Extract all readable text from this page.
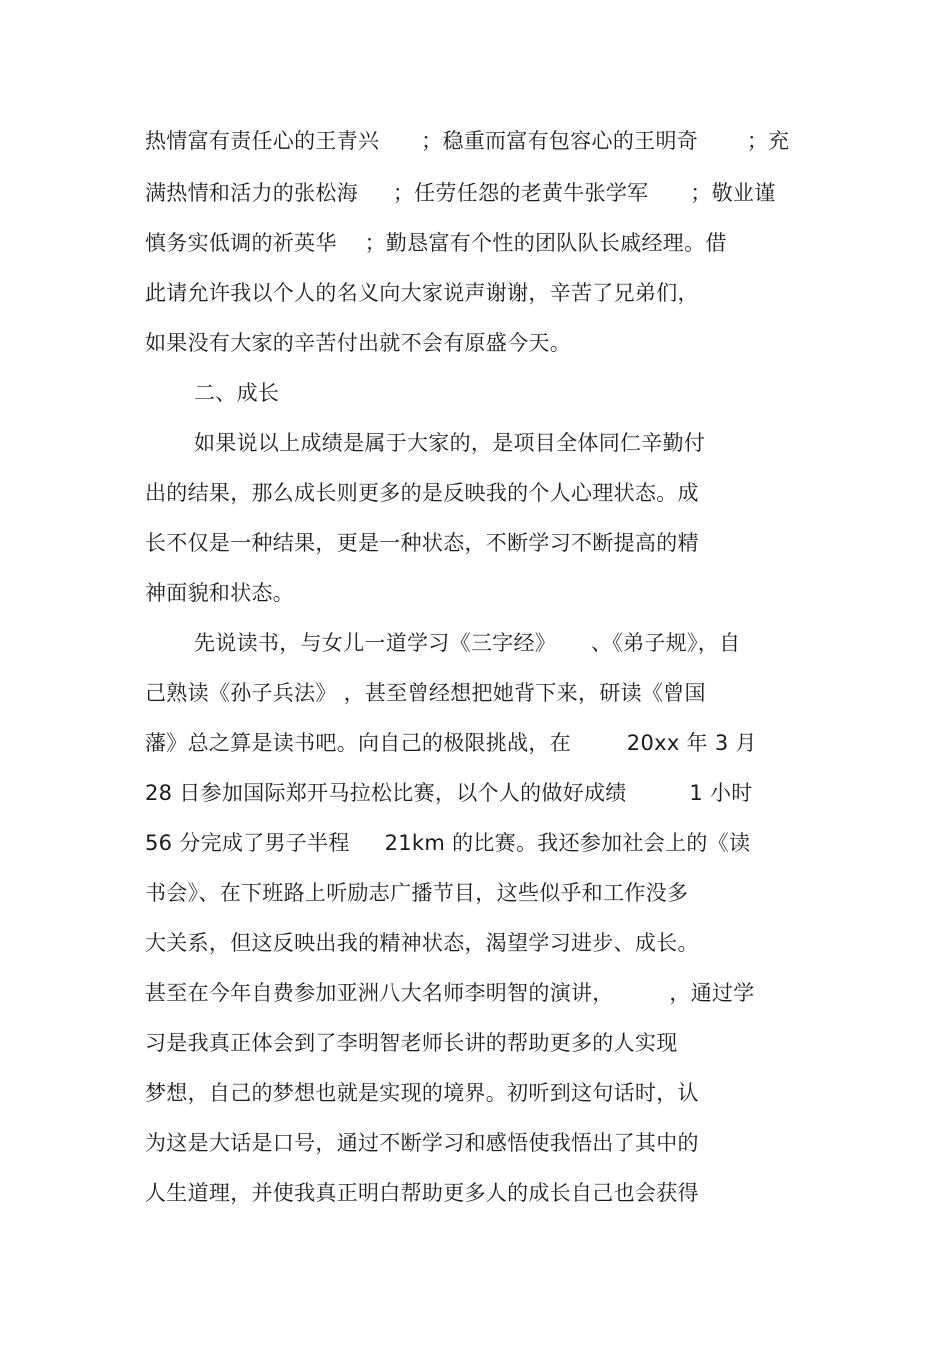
热情富有责任心的王青兴      ；稳重而富有包容心的王明奇       ；充
满热情和活力的张松海     ；任劳任怨的老黄牛张学军      ；敬业谨
慎务实低调的祈英华    ；勤恳富有个性的团队队长戚经理。借
此请允许我以个人的名义向大家说声谢谢，辛苦了兄弟们，
如果没有大家的辛苦付出就不会有原盛今天。
二、成长
如果说以上成绩是属于大家的，是项目全体同仁辛勤付
出的结果，那么成长则更多的是反映我的个人心理状态。成
长不仅是一种结果，更是一种状态，不断学习不断提高的精
神面貌和状态。
先说读书，与女儿一道学习《三字经》     、《弟子规》，自
己熟读《孙子兵法》 ，甚至曾经想把她背下来，研读《曾国
藩》总之算是读书吧。向自己的极限挑战，在        20xx 年 3 月
28 日参加国际郑开马拉松比赛，以个人的做好成绩         1 小时
56 分完成了男子半程     21km 的比赛。我还参加社会上的《读
书会》、在下班路上听励志广播节目，这些似乎和工作没多
大关系，但这反映出我的精神状态，渴望学习进步、成长。
甚至在今年自费参加亚洲八大名师李明智的演讲，        ，通过学
习是我真正体会到了李明智老师长讲的帮助更多的人实现
梦想，自己的梦想也就是实现的境界。初听到这句话时，认
为这是大话是口号，通过不断学习和感悟使我悟出了其中的
人生道理，并使我真正明白帮助更多人的成长自己也会获得
